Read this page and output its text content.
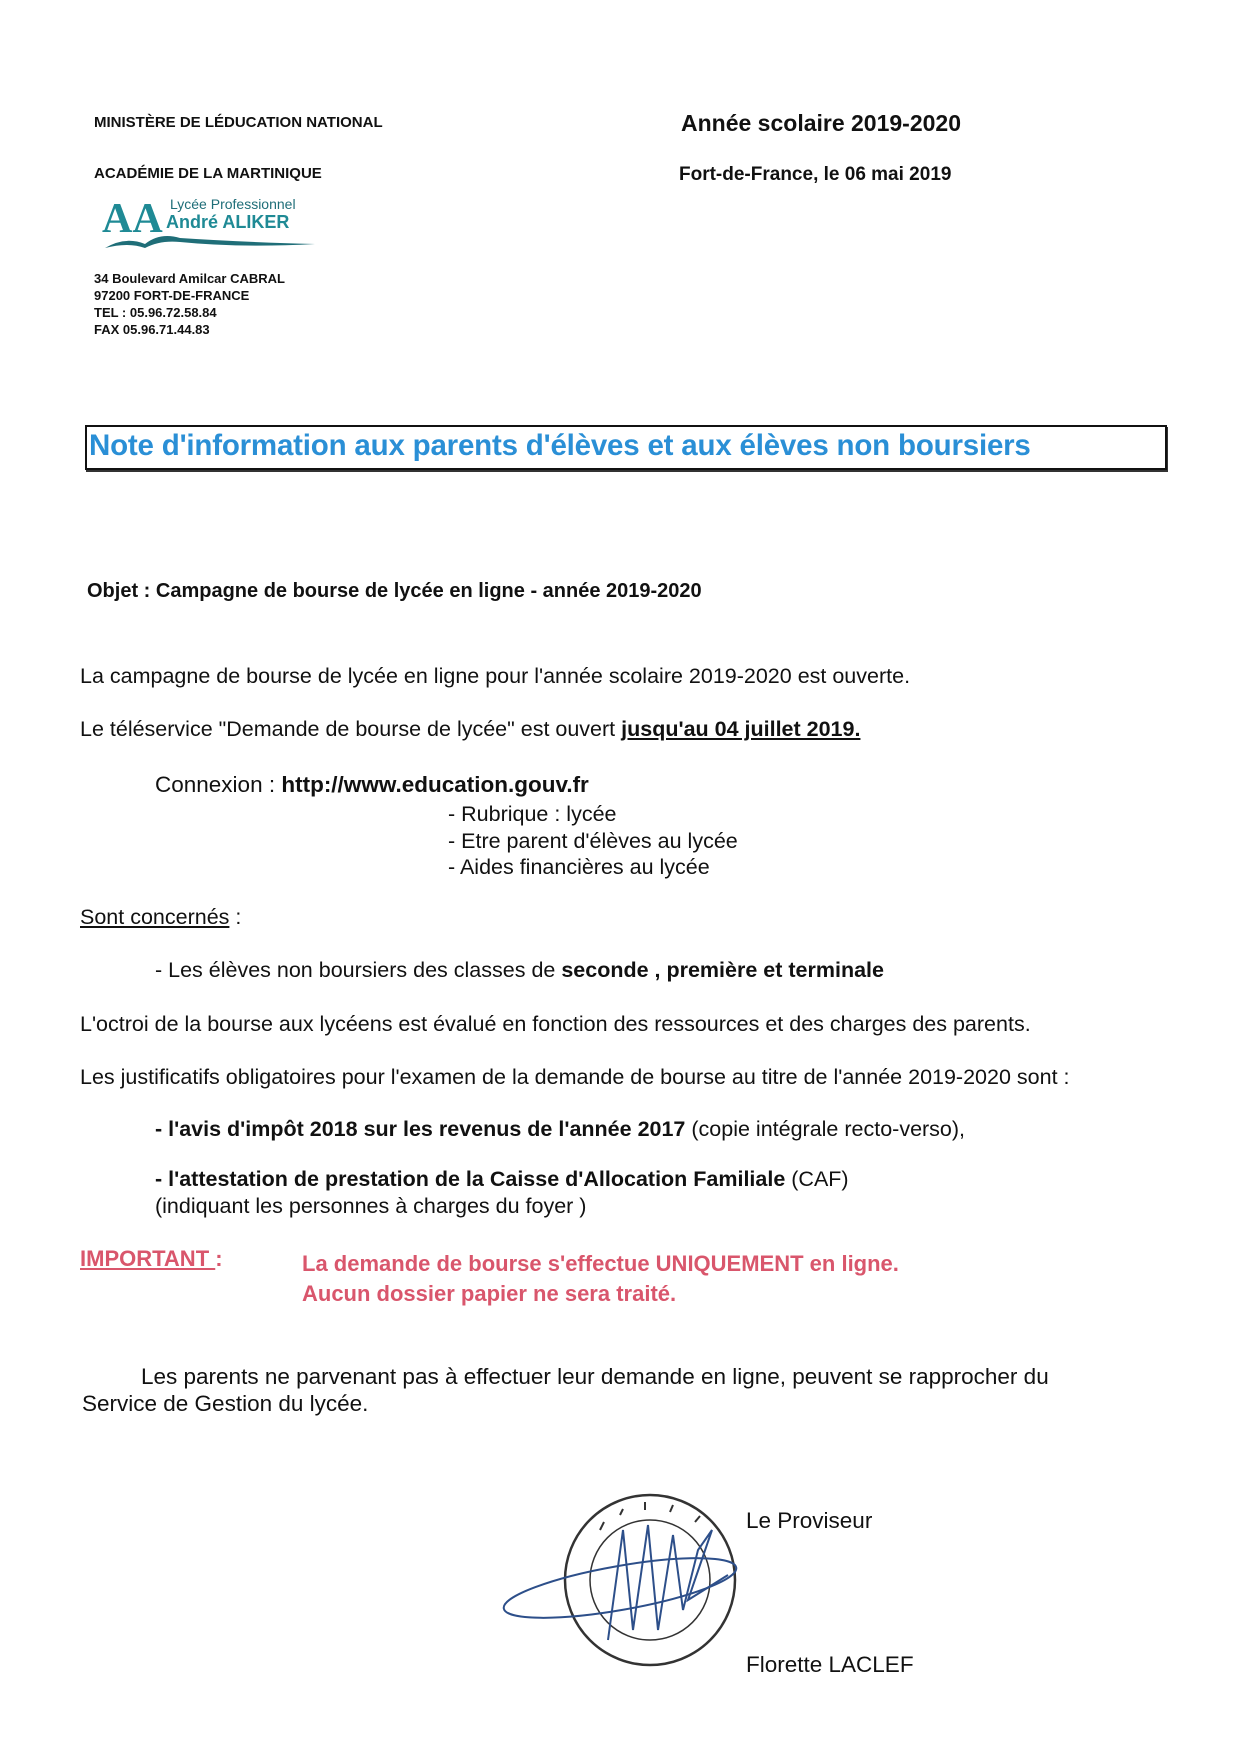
MINISTÈRE DE LÉDUCATION NATIONAL
ACADÉMIE DE LA MARTINIQUE
AA Lycée Professionnel
André ALIKER
34 Boulevard Amilcar CABRAL
97200 FORT-DE-FRANCE
TEL : 05.96.72.58.84
FAX 05.96.71.44.83
Année scolaire 2019-2020
Fort-de-France, le 06 mai 2019
Note d'information aux parents d'élèves et aux élèves non boursiers
Objet : Campagne de bourse de lycée en ligne - année 2019-2020
La campagne de bourse de lycée en ligne pour l'année scolaire 2019-2020 est ouverte.
Le téléservice "Demande de bourse de lycée" est ouvert jusqu'au 04 juillet 2019.
Connexion : http://www.education.gouv.fr
- Rubrique : lycée
- Etre parent d'élèves au lycée
- Aides financières au lycée
Sont concernés :
- Les élèves non boursiers des classes de seconde , première et terminale
L'octroi de la bourse aux lycéens est évalué en fonction des ressources et des charges des parents.
Les justificatifs obligatoires pour l'examen de la demande de bourse au titre de l'année 2019-2020 sont :
- l'avis d'impôt 2018 sur les revenus de l'année 2017 (copie intégrale recto-verso),
- l'attestation de prestation de la Caisse d'Allocation Familiale (CAF)
(indiquant les personnes à charges du foyer )
IMPORTANT :	La demande de bourse s'effectue UNIQUEMENT en ligne.
Aucun dossier papier ne sera traité.
Les parents ne parvenant pas à effectuer leur demande en ligne, peuvent se rapprocher du
Service de Gestion du lycée.
Le Proviseur
Florette LACLEF
